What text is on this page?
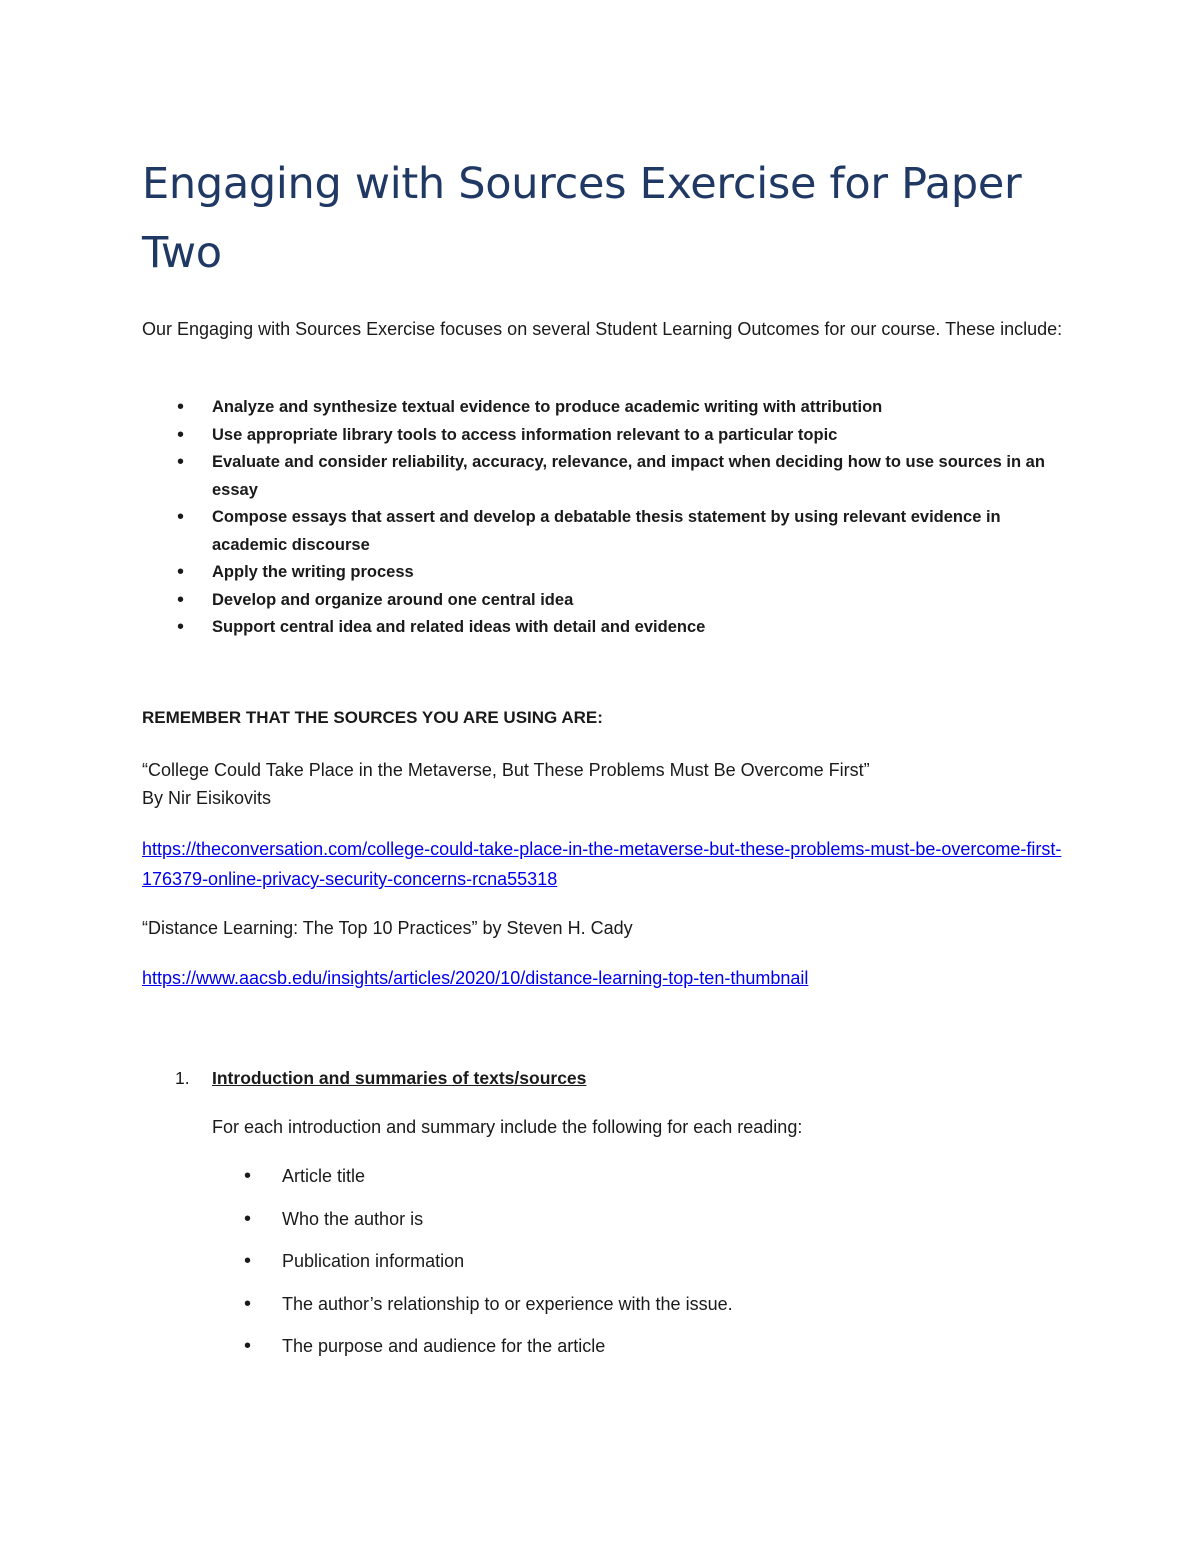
Engaging with Sources Exercise for Paper Two

Our Engaging with Sources Exercise focuses on several Student Learning Outcomes for our course. These include:

•
Analyze and synthesize textual evidence to produce academic writing with attribution
•
Use appropriate library tools to access information relevant to a particular topic
•
Evaluate and consider reliability, accuracy, relevance, and impact when deciding how to use sources in an essay
•
Compose essays that assert and develop a debatable thesis statement by using relevant evidence in academic discourse
•
Apply the writing process
•
Develop and organize around one central idea
•
Support central idea and related ideas with detail and evidence

REMEMBER THAT THE SOURCES YOU ARE USING ARE:

“College Could Take Place in the Metaverse, But These Problems Must Be Overcome First”

By Nir Eisikovits

https://theconversation.com/college-could-take-place-in-the-metaverse-but-these-problems-must-be-overcome-first-176379-online-privacy-security-concerns-rcna55318

“Distance Learning: The Top 10 Practices” by Steven H. Cady

https://www.aacsb.edu/insights/articles/2020/10/distance-learning-top-ten-thumbnail

1. Introduction and summaries of texts/sources

For each introduction and summary include the following for each reading:

•
Article title
•
Who the author is
•
Publication information
•
The author’s relationship to or experience with the issue.
•
The purpose and audience for the article
